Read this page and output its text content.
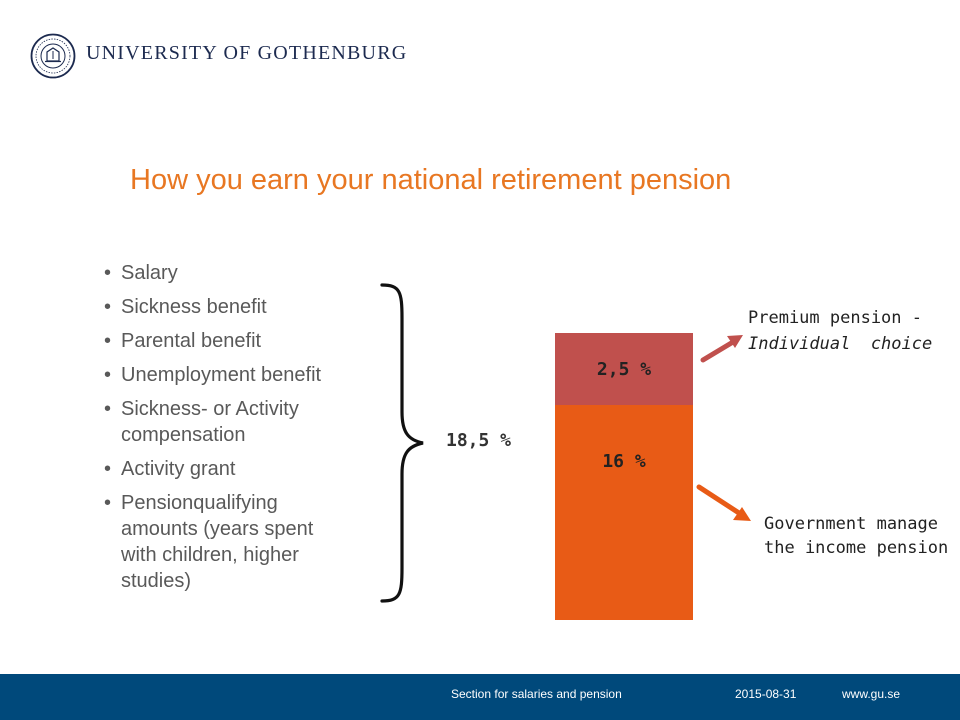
UNIVERSITY OF GOTHENBURG
How you earn your national retirement pension
• Salary
• Sickness benefit
• Parental benefit
• Unemployment benefit
• Sickness- or Activity compensation
• Activity grant
• Pensionqualifying amounts (years spent with children, higher studies)
18,5 %
2,5 %
16 %
Premium pension -
Individual  choice
Government manage the income pension
Section for salaries and pension	2015-08-31	www.gu.se
